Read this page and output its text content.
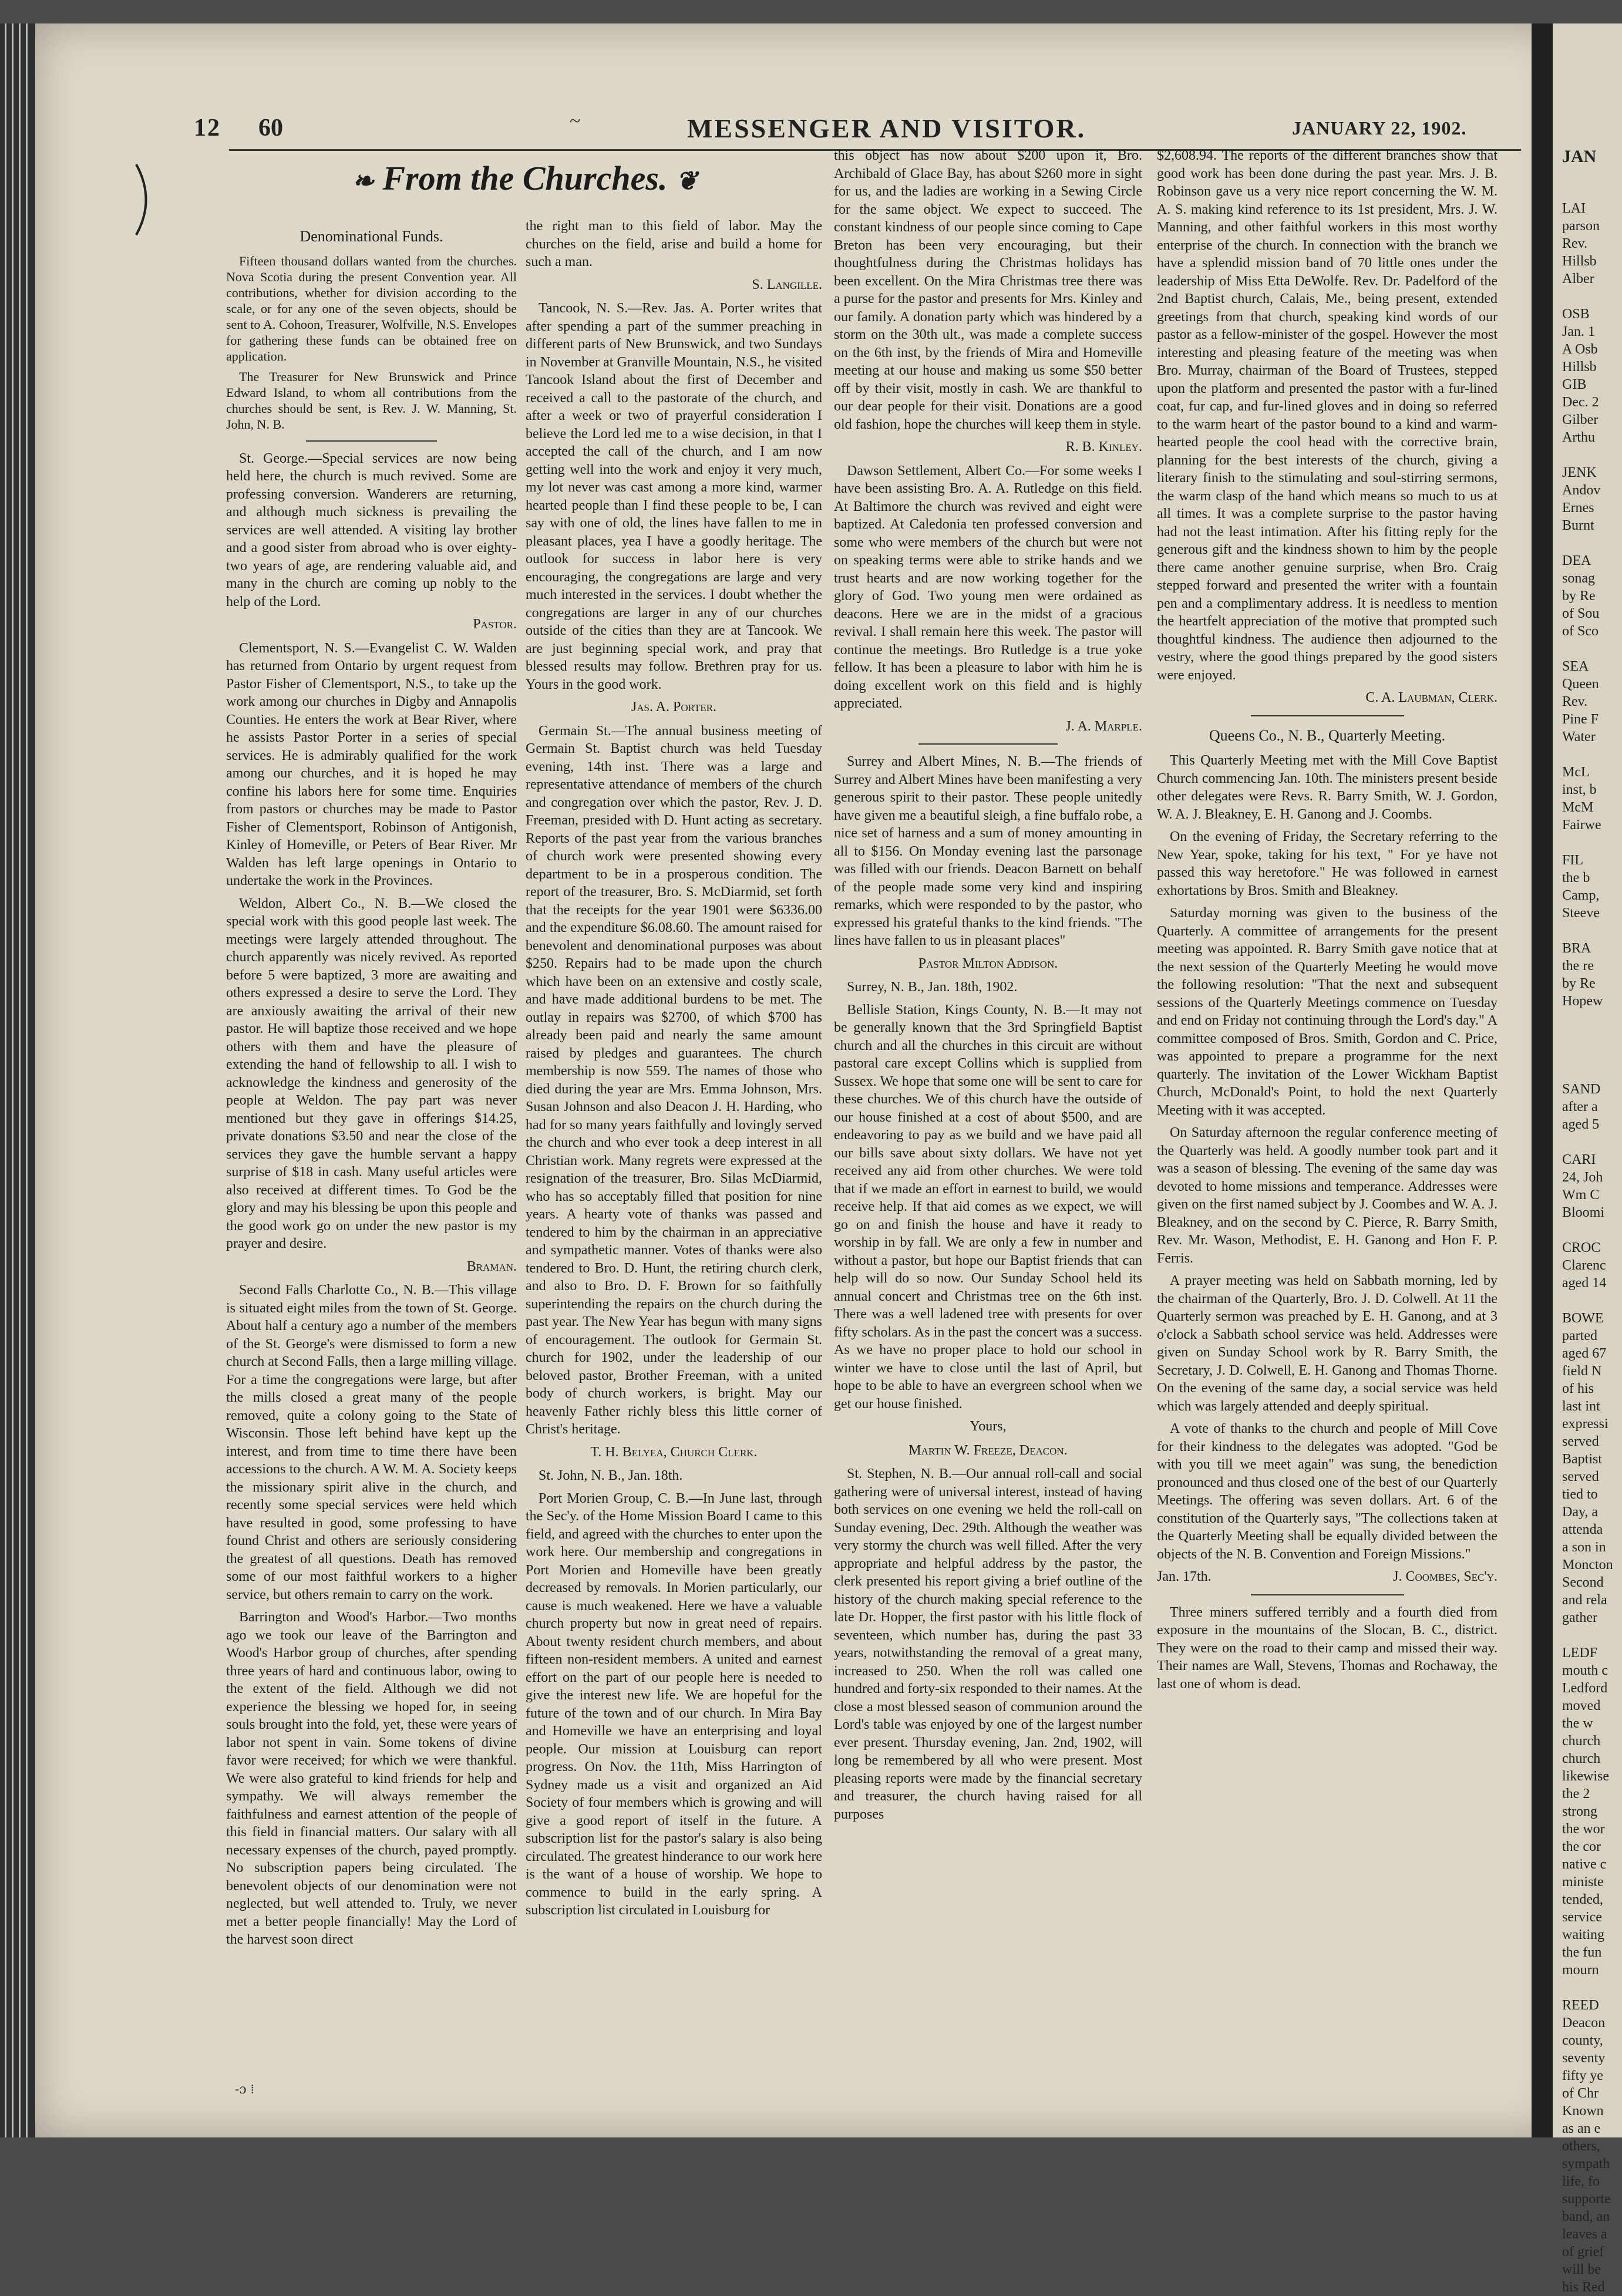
12 60	~	MESSENGER AND VISITOR.	JANUARY 22, 1902.
❧ From the Churches. ❦

Denominational Funds.

Fifteen thousand dollars wanted from the churches. Nova Scotia during the present Convention year. All contributions, whether for division according to the scale, or for any one of the seven objects, should be sent to A. Cohoon, Treasurer, Wolfville, N.S. Envelopes for gathering these funds can be obtained free on application.

The Treasurer for New Brunswick and Prince Edward Island, to whom all contributions from the churches should be sent, is Rev. J. W. Manning, St. John, N. B.

St. George.—Special services are now being held here, the church is much revived. Some are professing conversion. Wanderers are returning, and although much sickness is prevailing the services are well attended. A visiting lay brother and a good sister from abroad who is over eighty-two years of age, are rendering valuable aid, and many in the church are coming up nobly to the help of the Lord.

Pastor.

Clementsport, N. S.—Evangelist C. W. Walden has returned from Ontario by urgent request from Pastor Fisher of Clementsport, N.S., to take up the work among our churches in Digby and Annapolis Counties. He enters the work at Bear River, where he assists Pastor Porter in a series of special services. He is admirably qualified for the work among our churches, and it is hoped he may confine his labors here for some time. Enquiries from pastors or churches may be made to Pastor Fisher of Clementsport, Robinson of Antigonish, Kinley of Homeville, or Peters of Bear River. Mr Walden has left large openings in Ontario to undertake the work in the Provinces.

Weldon, Albert Co., N. B.—We closed the special work with this good people last week. The meetings were largely attended throughout. The church apparently was nicely revived. As reported before 5 were baptized, 3 more are awaiting and others expressed a desire to serve the Lord. They are anxiously awaiting the arrival of their new pastor. He will baptize those received and we hope others with them and have the pleasure of extending the hand of fellowship to all. I wish to acknowledge the kindness and generosity of the people at Weldon. The pay part was never mentioned but they gave in offerings $14.25, private donations $3.50 and near the close of the services they gave the humble servant a happy surprise of $18 in cash. Many useful articles were also received at different times. To God be the glory and may his blessing be upon this people and the good work go on under the new pastor is my prayer and desire.

Braman.

Second Falls Charlotte Co., N. B.—This village is situated eight miles from the town of St. George. About half a century ago a number of the members of the St. George's were dismissed to form a new church at Second Falls, then a large milling village. For a time the congregations were large, but after the mills closed a great many of the people removed, quite a colony going to the State of Wisconsin. Those left behind have kept up the interest, and from time to time there have been accessions to the church. A W. M. A. Society keeps the missionary spirit alive in the church, and recently some special services were held which have resulted in good, some professing to have found Christ and others are seriously considering the greatest of all questions. Death has removed some of our most faithful workers to a higher service, but others remain to carry on the work.

Barrington and Wood's Harbor.—Two months ago we took our leave of the Barrington and Wood's Harbor group of churches, after spending three years of hard and continuous labor, owing to the extent of the field. Although we did not experience the blessing we hoped for, in seeing souls brought into the fold, yet, these were years of labor not spent in vain. Some tokens of divine favor were received; for which we were thankful. We were also grateful to kind friends for help and sympathy. We will always remember the faithfulness and earnest attention of the people of this field in financial matters. Our salary with all necessary expenses of the church, payed promptly. No subscription papers being circulated. The benevolent objects of our denomination were not neglected, but well attended to. Truly, we never met a better people financially! May the Lord of the harvest soon direct

the right man to this field of labor. May the churches on the field, arise and build a home for such a man.

S. Langille.

Tancook, N. S.—Rev. Jas. A. Porter writes that after spending a part of the summer preaching in different parts of New Brunswick, and two Sundays in November at Granville Mountain, N.S., he visited Tancook Island about the first of December and received a call to the pastorate of the church, and after a week or two of prayerful consideration I believe the Lord led me to a wise decision, in that I accepted the call of the church, and I am now getting well into the work and enjoy it very much, my lot never was cast among a more kind, warmer hearted people than I find these people to be, I can say with one of old, the lines have fallen to me in pleasant places, yea I have a goodly heritage. The outlook for success in labor here is very encouraging, the congregations are large and very much interested in the services. I doubt whether the congregations are larger in any of our churches outside of the cities than they are at Tancook. We are just beginning special work, and pray that blessed results may follow. Brethren pray for us. Yours in the good work.

Jas. A. Porter.

Germain St.—The annual business meeting of Germain St. Baptist church was held Tuesday evening, 14th inst. There was a large and representative attendance of members of the church and congregation over which the pastor, Rev. J. D. Freeman, presided with D. Hunt acting as secretary. Reports of the past year from the various branches of church work were presented showing every department to be in a prosperous condition. The report of the treasurer, Bro. S. McDiarmid, set forth that the receipts for the year 1901 were $6336.00 and the expenditure $6.08.60. The amount raised for benevolent and denominational purposes was about $250. Repairs had to be made upon the church which have been on an extensive and costly scale, and have made additional burdens to be met. The outlay in repairs was $2700, of which $700 has already been paid and nearly the same amount raised by pledges and guarantees. The church membership is now 559. The names of those who died during the year are Mrs. Emma Johnson, Mrs. Susan Johnson and also Deacon J. H. Harding, who had for so many years faithfully and lovingly served the church and who ever took a deep interest in all Christian work. Many regrets were expressed at the resignation of the treasurer, Bro. Silas McDiarmid, who has so acceptably filled that position for nine years. A hearty vote of thanks was passed and tendered to him by the chairman in an appreciative and sympathetic manner. Votes of thanks were also tendered to Bro. D. Hunt, the retiring church clerk, and also to Bro. D. F. Brown for so faithfully superintending the repairs on the church during the past year. The New Year has begun with many signs of encouragement. The outlook for Germain St. church for 1902, under the leadership of our beloved pastor, Brother Freeman, with a united body of church workers, is bright. May our heavenly Father richly bless this little corner of Christ's heritage.

T. H. Belyea, Church Clerk.

St. John, N. B., Jan. 18th.

Port Morien Group, C. B.—In June last, through the Sec'y. of the Home Mission Board I came to this field, and agreed with the churches to enter upon the work here. Our membership and congregations in Port Morien and Homeville have been greatly decreased by removals. In Morien particularly, our cause is much weakened. Here we have a valuable church property but now in great need of repairs. About twenty resident church members, and about fifteen non-resident members. A united and earnest effort on the part of our people here is needed to give the interest new life. We are hopeful for the future of the town and of our church. In Mira Bay and Homeville we have an enterprising and loyal people. Our mission at Louisburg can report progress. On Nov. the 11th, Miss Harrington of Sydney made us a visit and organized an Aid Society of four members which is growing and will give a good report of itself in the future. A subscription list for the pastor's salary is also being circulated. The greatest hinderance to our work here is the want of a house of worship. We hope to commence to build in the early spring. A subscription list circulated in Louisburg for

this object has now about $200 upon it, Bro. Archibald of Glace Bay, has about $260 more in sight for us, and the ladies are working in a Sewing Circle for the same object. We expect to succeed. The constant kindness of our people since coming to Cape Breton has been very encouraging, but their thoughtfulness during the Christmas holidays has been excellent. On the Mira Christmas tree there was a purse for the pastor and presents for Mrs. Kinley and our family. A donation party which was hindered by a storm on the 30th ult., was made a complete success on the 6th inst, by the friends of Mira and Homeville meeting at our house and making us some $50 better off by their visit, mostly in cash. We are thankful to our dear people for their visit. Donations are a good old fashion, hope the churches will keep them in style.

R. B. Kinley.

Dawson Settlement, Albert Co.—For some weeks I have been assisting Bro. A. A. Rutledge on this field. At Baltimore the church was revived and eight were baptized. At Caledonia ten professed conversion and some who were members of the church but were not on speaking terms were able to strike hands and we trust hearts and are now working together for the glory of God. Two young men were ordained as deacons. Here we are in the midst of a gracious revival. I shall remain here this week. The pastor will continue the meetings. Bro Rutledge is a true yoke fellow. It has been a pleasure to labor with him he is doing excellent work on this field and is highly appreciated.

J. A. Marple.

Surrey and Albert Mines, N. B.—The friends of Surrey and Albert Mines have been manifesting a very generous spirit to their pastor. These people unitedly have given me a beautiful sleigh, a fine buffalo robe, a nice set of harness and a sum of money amounting in all to $156. On Monday evening last the parsonage was filled with our friends. Deacon Barnett on behalf of the people made some very kind and inspiring remarks, which were responded to by the pastor, who expressed his grateful thanks to the kind friends. "The lines have fallen to us in pleasant places"

Pastor Milton Addison.

Surrey, N. B., Jan. 18th, 1902.

Bellisle Station, Kings County, N. B.—It may not be generally known that the 3rd Springfield Baptist church and all the churches in this circuit are without pastoral care except Collins which is supplied from Sussex. We hope that some one will be sent to care for these churches. We of this church have the outside of our house finished at a cost of about $500, and are endeavoring to pay as we build and we have paid all our bills save about sixty dollars. We have not yet received any aid from other churches. We were told that if we made an effort in earnest to build, we would receive help. If that aid comes as we expect, we will go on and finish the house and have it ready to worship in by fall. We are only a few in number and without a pastor, but hope our Baptist friends that can help will do so now. Our Sunday School held its annual concert and Christmas tree on the 6th inst. There was a well ladened tree with presents for over fifty scholars. As in the past the concert was a success. As we have no proper place to hold our school in winter we have to close until the last of April, but hope to be able to have an evergreen school when we get our house finished.

Yours,

Martin W. Freeze, Deacon.

St. Stephen, N. B.—Our annual roll-call and social gathering were of universal interest, instead of having both services on one evening we held the roll-call on Sunday evening, Dec. 29th. Although the weather was very stormy the church was well filled. After the very appropriate and helpful address by the pastor, the clerk presented his report giving a brief outline of the history of the church making special reference to the late Dr. Hopper, the first pastor with his little flock of seventeen, which number has, during the past 33 years, notwithstanding the removal of a great many, increased to 250. When the roll was called one hundred and forty-six responded to their names. At the close a most blessed season of communion around the Lord's table was enjoyed by one of the largest number ever present. Thursday evening, Jan. 2nd, 1902, will long be remembered by all who were present. Most pleasing reports were made by the financial secretary and treasurer, the church having raised for all purposes

$2,608.94. The reports of the different branches show that good work has been done during the past year. Mrs. J. B. Robinson gave us a very nice report concerning the W. M. A. S. making kind reference to its 1st president, Mrs. J. W. Manning, and other faithful workers in this most worthy enterprise of the church. In connection with the branch we have a splendid mission band of 70 little ones under the leadership of Miss Etta DeWolfe. Rev. Dr. Padelford of the 2nd Baptist church, Calais, Me., being present, extended greetings from that church, speaking kind words of our pastor as a fellow-minister of the gospel. However the most interesting and pleasing feature of the meeting was when Bro. Murray, chairman of the Board of Trustees, stepped upon the platform and presented the pastor with a fur-lined coat, fur cap, and fur-lined gloves and in doing so referred to the warm heart of the pastor bound to a kind and warm-hearted people the cool head with the corrective brain, planning for the best interests of the church, giving a literary finish to the stimulating and soul-stirring sermons, the warm clasp of the hand which means so much to us at all times. It was a complete surprise to the pastor having had not the least intimation. After his fitting reply for the generous gift and the kindness shown to him by the people there came another genuine surprise, when Bro. Craig stepped forward and presented the writer with a fountain pen and a complimentary address. It is needless to mention the heartfelt appreciation of the motive that prompted such thoughtful kindness. The audience then adjourned to the vestry, where the good things prepared by the good sisters were enjoyed.

C. A. Laubman, Clerk.

Queens Co., N. B., Quarterly Meeting.

This Quarterly Meeting met with the Mill Cove Baptist Church commencing Jan. 10th. The ministers present beside other delegates were Revs. R. Barry Smith, W. J. Gordon, W. A. J. Bleakney, E. H. Ganong and J. Coombs.

On the evening of Friday, the Secretary referring to the New Year, spoke, taking for his text, " For ye have not passed this way heretofore." He was followed in earnest exhortations by Bros. Smith and Bleakney.

Saturday morning was given to the business of the Quarterly. A committee of arrangements for the present meeting was appointed. R. Barry Smith gave notice that at the next session of the Quarterly Meeting he would move the following resolution: "That the next and subsequent sessions of the Quarterly Meetings commence on Tuesday and end on Friday not continuing through the Lord's day." A committee composed of Bros. Smith, Gordon and C. Price, was appointed to prepare a programme for the next quarterly. The invitation of the Lower Wickham Baptist Church, McDonald's Point, to hold the next Quarterly Meeting with it was accepted.

On Saturday afternoon the regular conference meeting of the Quarterly was held. A goodly number took part and it was a season of blessing. The evening of the same day was devoted to home missions and temperance. Addresses were given on the first named subject by J. Coombes and W. A. J. Bleakney, and on the second by C. Pierce, R. Barry Smith, Rev. Mr. Wason, Methodist, E. H. Ganong and Hon F. P. Ferris.

A prayer meeting was held on Sabbath morning, led by the chairman of the Quarterly, Bro. J. D. Colwell. At 11 the Quarterly sermon was preached by E. H. Ganong, and at 3 o'clock a Sabbath school service was held. Addresses were given on Sunday School work by R. Barry Smith, the Secretary, J. D. Colwell, E. H. Ganong and Thomas Thorne. On the evening of the same day, a social service was held which was largely attended and deeply spiritual.

A vote of thanks to the church and people of Mill Cove for their kindness to the delegates was adopted. "God be with you till we meet again" was sung, the benediction pronounced and thus closed one of the best of our Quarterly Meetings. The offering was seven dollars. Art. 6 of the constitution of the Quarterly says, "The collections taken at the Quarterly Meeting shall be equally divided between the objects of the N. B. Convention and Foreign Missions."

Jan. 17th.	J. Coombes, Sec'y.

Three miners suffered terribly and a fourth died from exposure in the mountains of the Slocan, B. C., district. They were on the road to their camp and missed their way. Their names are Wall, Stevens, Thomas and Rochaway, the last one of whom is dead.

-ɔ ⁞
JAN
LAI
parson
Rev.
Hillsb
Alber

OSB
Jan. 1
A Osb
Hillsb
GIB
Dec. 2
Gilber
Arthu

JENK
Andov
Ernes
Burnt

DEA
sonag
by Re
of Sou
of Sco

SEA
Queen
Rev.
Pine F
Water

McL
inst, b
McM
Fairwe

FIL
the b
Camp,
Steeve

BRA
the re
by Re
Hopew

SAND
after a
aged 5

CARI
24, Joh
Wm C
Bloomi

CROC
Clarenc
aged 14

BOWE
parted
aged 67
field N
of his
last int
expressi
served
Baptist
served
tied to
Day, a
attenda
a son in
Moncton
Second
and rela
gather

LEDF
mouth c
Ledford
moved
the w
church
church
likewise
the 2
strong
the wor
the cor
native c
ministe
tended,
service
waiting
the fun
mourn

REED
Deacon
county,
seventy
fifty ye
of Chr
Known
as an e
others,
sympath
life, fo
supporte
band, an
leaves a
of grief
will be
his Red
